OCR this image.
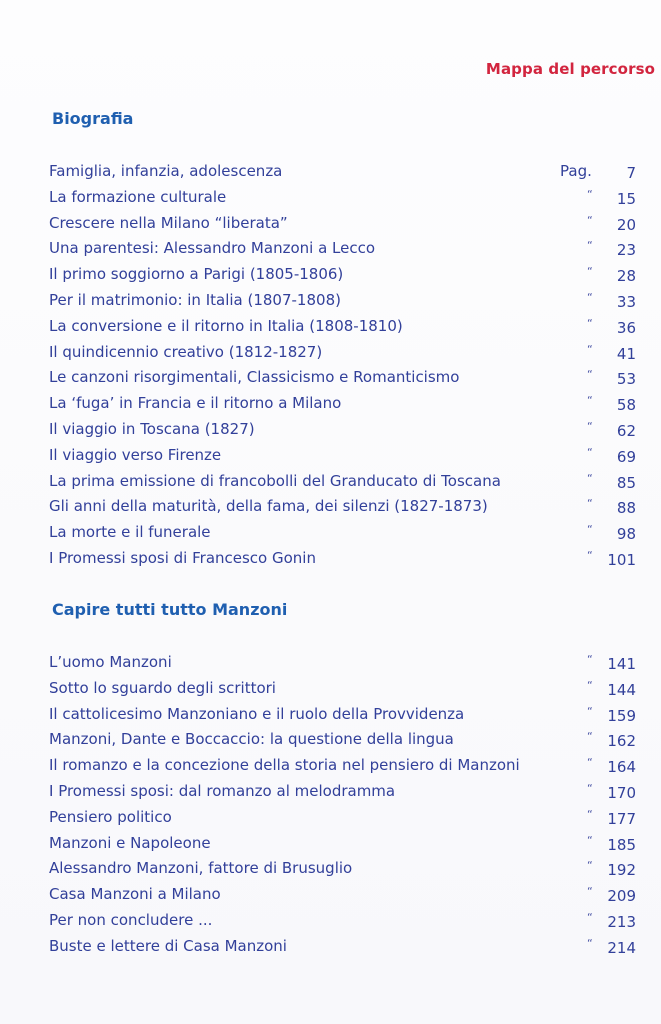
Mappa del percorso
Biografia
Famiglia, infanzia, adolescenza	Pag. 7
La formazione culturale	“ 15
Crescere nella Milano “liberata”	“ 20
Una parentesi: Alessandro Manzoni a Lecco	“ 23
Il primo soggiorno a Parigi (1805-1806)	“ 28
Per il matrimonio: in Italia (1807-1808)	“ 33
La conversione e il ritorno in Italia (1808-1810)	“ 36
Il quindicennio creativo (1812-1827)	“ 41
Le canzoni risorgimentali, Classicismo e Romanticismo	“ 53
La ‘fuga’ in Francia e il ritorno a Milano	“ 58
Il viaggio in Toscana (1827)	“ 62
Il viaggio verso Firenze	“ 69
La prima emissione di francobolli del Granducato di Toscana	“ 85
Gli anni della maturità, della fama, dei silenzi (1827-1873)	“ 88
La morte e il funerale	“ 98
I Promessi sposi di Francesco Gonin	“ 101
Capire tutti tutto Manzoni
L’uomo Manzoni	“ 141
Sotto lo sguardo degli scrittori	“ 144
Il cattolicesimo Manzoniano e il ruolo della Provvidenza	“ 159
Manzoni, Dante e Boccaccio: la questione della lingua	“ 162
Il romanzo e la concezione della storia nel pensiero di Manzoni	“ 164
I Promessi sposi: dal romanzo al melodramma	“ 170
Pensiero politico	“ 177
Manzoni e Napoleone	“ 185
Alessandro Manzoni, fattore di Brusuglio	“ 192
Casa Manzoni a Milano	“ 209
Per non concludere ...	“ 213
Buste e lettere di Casa Manzoni	“ 214
